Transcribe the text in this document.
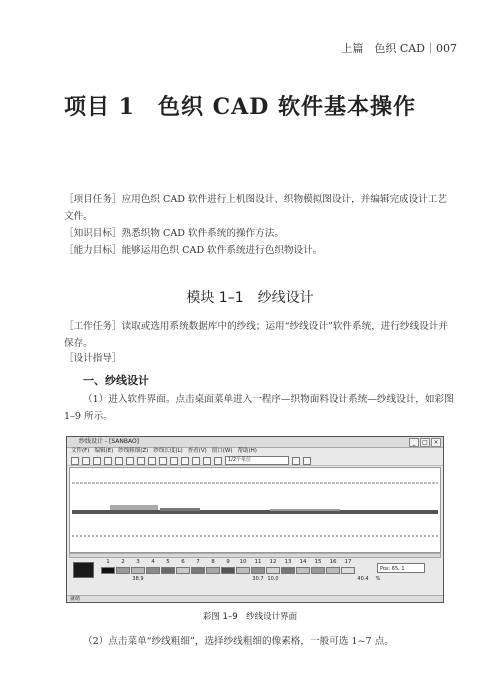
上篇　色织 CAD｜007
项目 1　色织 CAD 软件基本操作
［项目任务］应用色织 CAD 软件进行上机图设计、织物模拟图设计，并编辑完成设计工艺文件。
［知识目标］熟悉织物 CAD 软件系统的操作方法。
［能力目标］能够运用色织 CAD 软件系统进行色织物设计。
模块 1–1　纱线设计
［工作任务］读取或选用系统数据库中的纱线；运用“纱线设计”软件系统，进行纱线设计并保存。
［设计指导］
一、纱线设计
（1）进入软件界面。点击桌面菜单进入一程序—织物面料设计系统—纱线设计，如彩图 1–9 所示。
纱线设计 - [SANBAO]	_	□ ×
文件(F) 编辑(E) 纱线粗细(Z) 纱线长度(L) 查看(V) 窗口(W) 帮助(H)
1/2个单位
1	2	3	4	5	6	7	8	9	10	11	12	13	14	15	16	17
Pos: 65, 1
38.9	30.7 10.0	40.4	%
就绪
彩图 1–9　纱线设计界面
（2）点击菜单“纱线粗细”，选择纱线粗细的像素格，一般可选 1~7 点。
